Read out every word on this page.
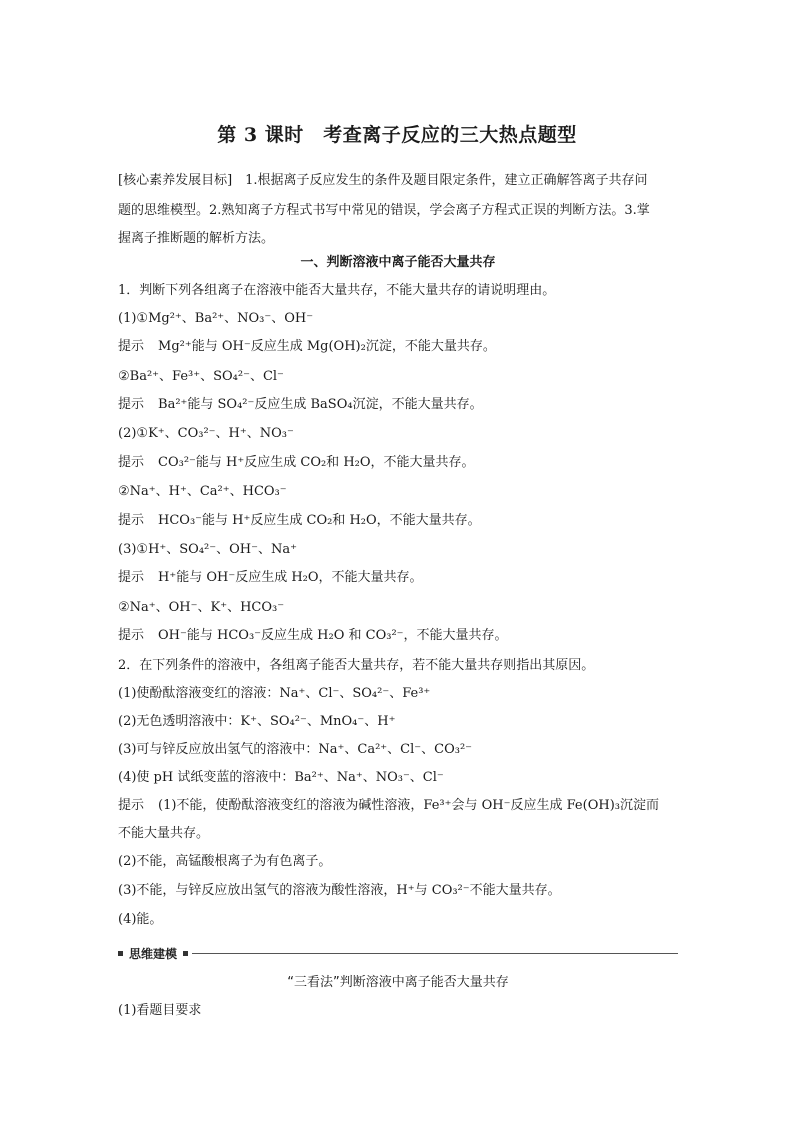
第 3 课时　考查离子反应的三大热点题型
[核心素养发展目标]　1.根据离子反应发生的条件及题目限定条件，建立正确解答离子共存问
题的思维模型。2.熟知离子方程式书写中常见的错误，学会离子方程式正误的判断方法。3.掌
握离子推断题的解析方法。
一、判断溶液中离子能否大量共存
1．判断下列各组离子在溶液中能否大量共存，不能大量共存的请说明理由。
(1)①Mg²⁺、Ba²⁺、NO₃⁻、OH⁻
提示 Mg²⁺能与 OH⁻反应生成 Mg(OH)₂沉淀，不能大量共存。
②Ba²⁺、Fe³⁺、SO₄²⁻、Cl⁻
提示 Ba²⁺能与 SO₄²⁻反应生成 BaSO₄沉淀，不能大量共存。
(2)①K⁺、CO₃²⁻、H⁺、NO₃⁻
提示 CO₃²⁻能与 H⁺反应生成 CO₂和 H₂O，不能大量共存。
②Na⁺、H⁺、Ca²⁺、HCO₃⁻
提示 HCO₃⁻能与 H⁺反应生成 CO₂和 H₂O，不能大量共存。
(3)①H⁺、SO₄²⁻、OH⁻、Na⁺
提示 H⁺能与 OH⁻反应生成 H₂O，不能大量共存。
②Na⁺、OH⁻、K⁺、HCO₃⁻
提示 OH⁻能与 HCO₃⁻反应生成 H₂O 和 CO₃²⁻，不能大量共存。
2．在下列条件的溶液中，各组离子能否大量共存，若不能大量共存则指出其原因。
(1)使酚酞溶液变红的溶液：Na⁺、Cl⁻、SO₄²⁻、Fe³⁺
(2)无色透明溶液中：K⁺、SO₄²⁻、MnO₄⁻、H⁺
(3)可与锌反应放出氢气的溶液中：Na⁺、Ca²⁺、Cl⁻、CO₃²⁻
(4)使 pH 试纸变蓝的溶液中：Ba²⁺、Na⁺、NO₃⁻、Cl⁻
提示 (1)不能，使酚酞溶液变红的溶液为碱性溶液，Fe³⁺会与 OH⁻反应生成 Fe(OH)₃沉淀而
不能大量共存。
(2)不能，高锰酸根离子为有色离子。
(3)不能，与锌反应放出氢气的溶液为酸性溶液，H⁺与 CO₃²⁻不能大量共存。
(4)能。
思维建模
“三看法”判断溶液中离子能否大量共存
(1)看题目要求
